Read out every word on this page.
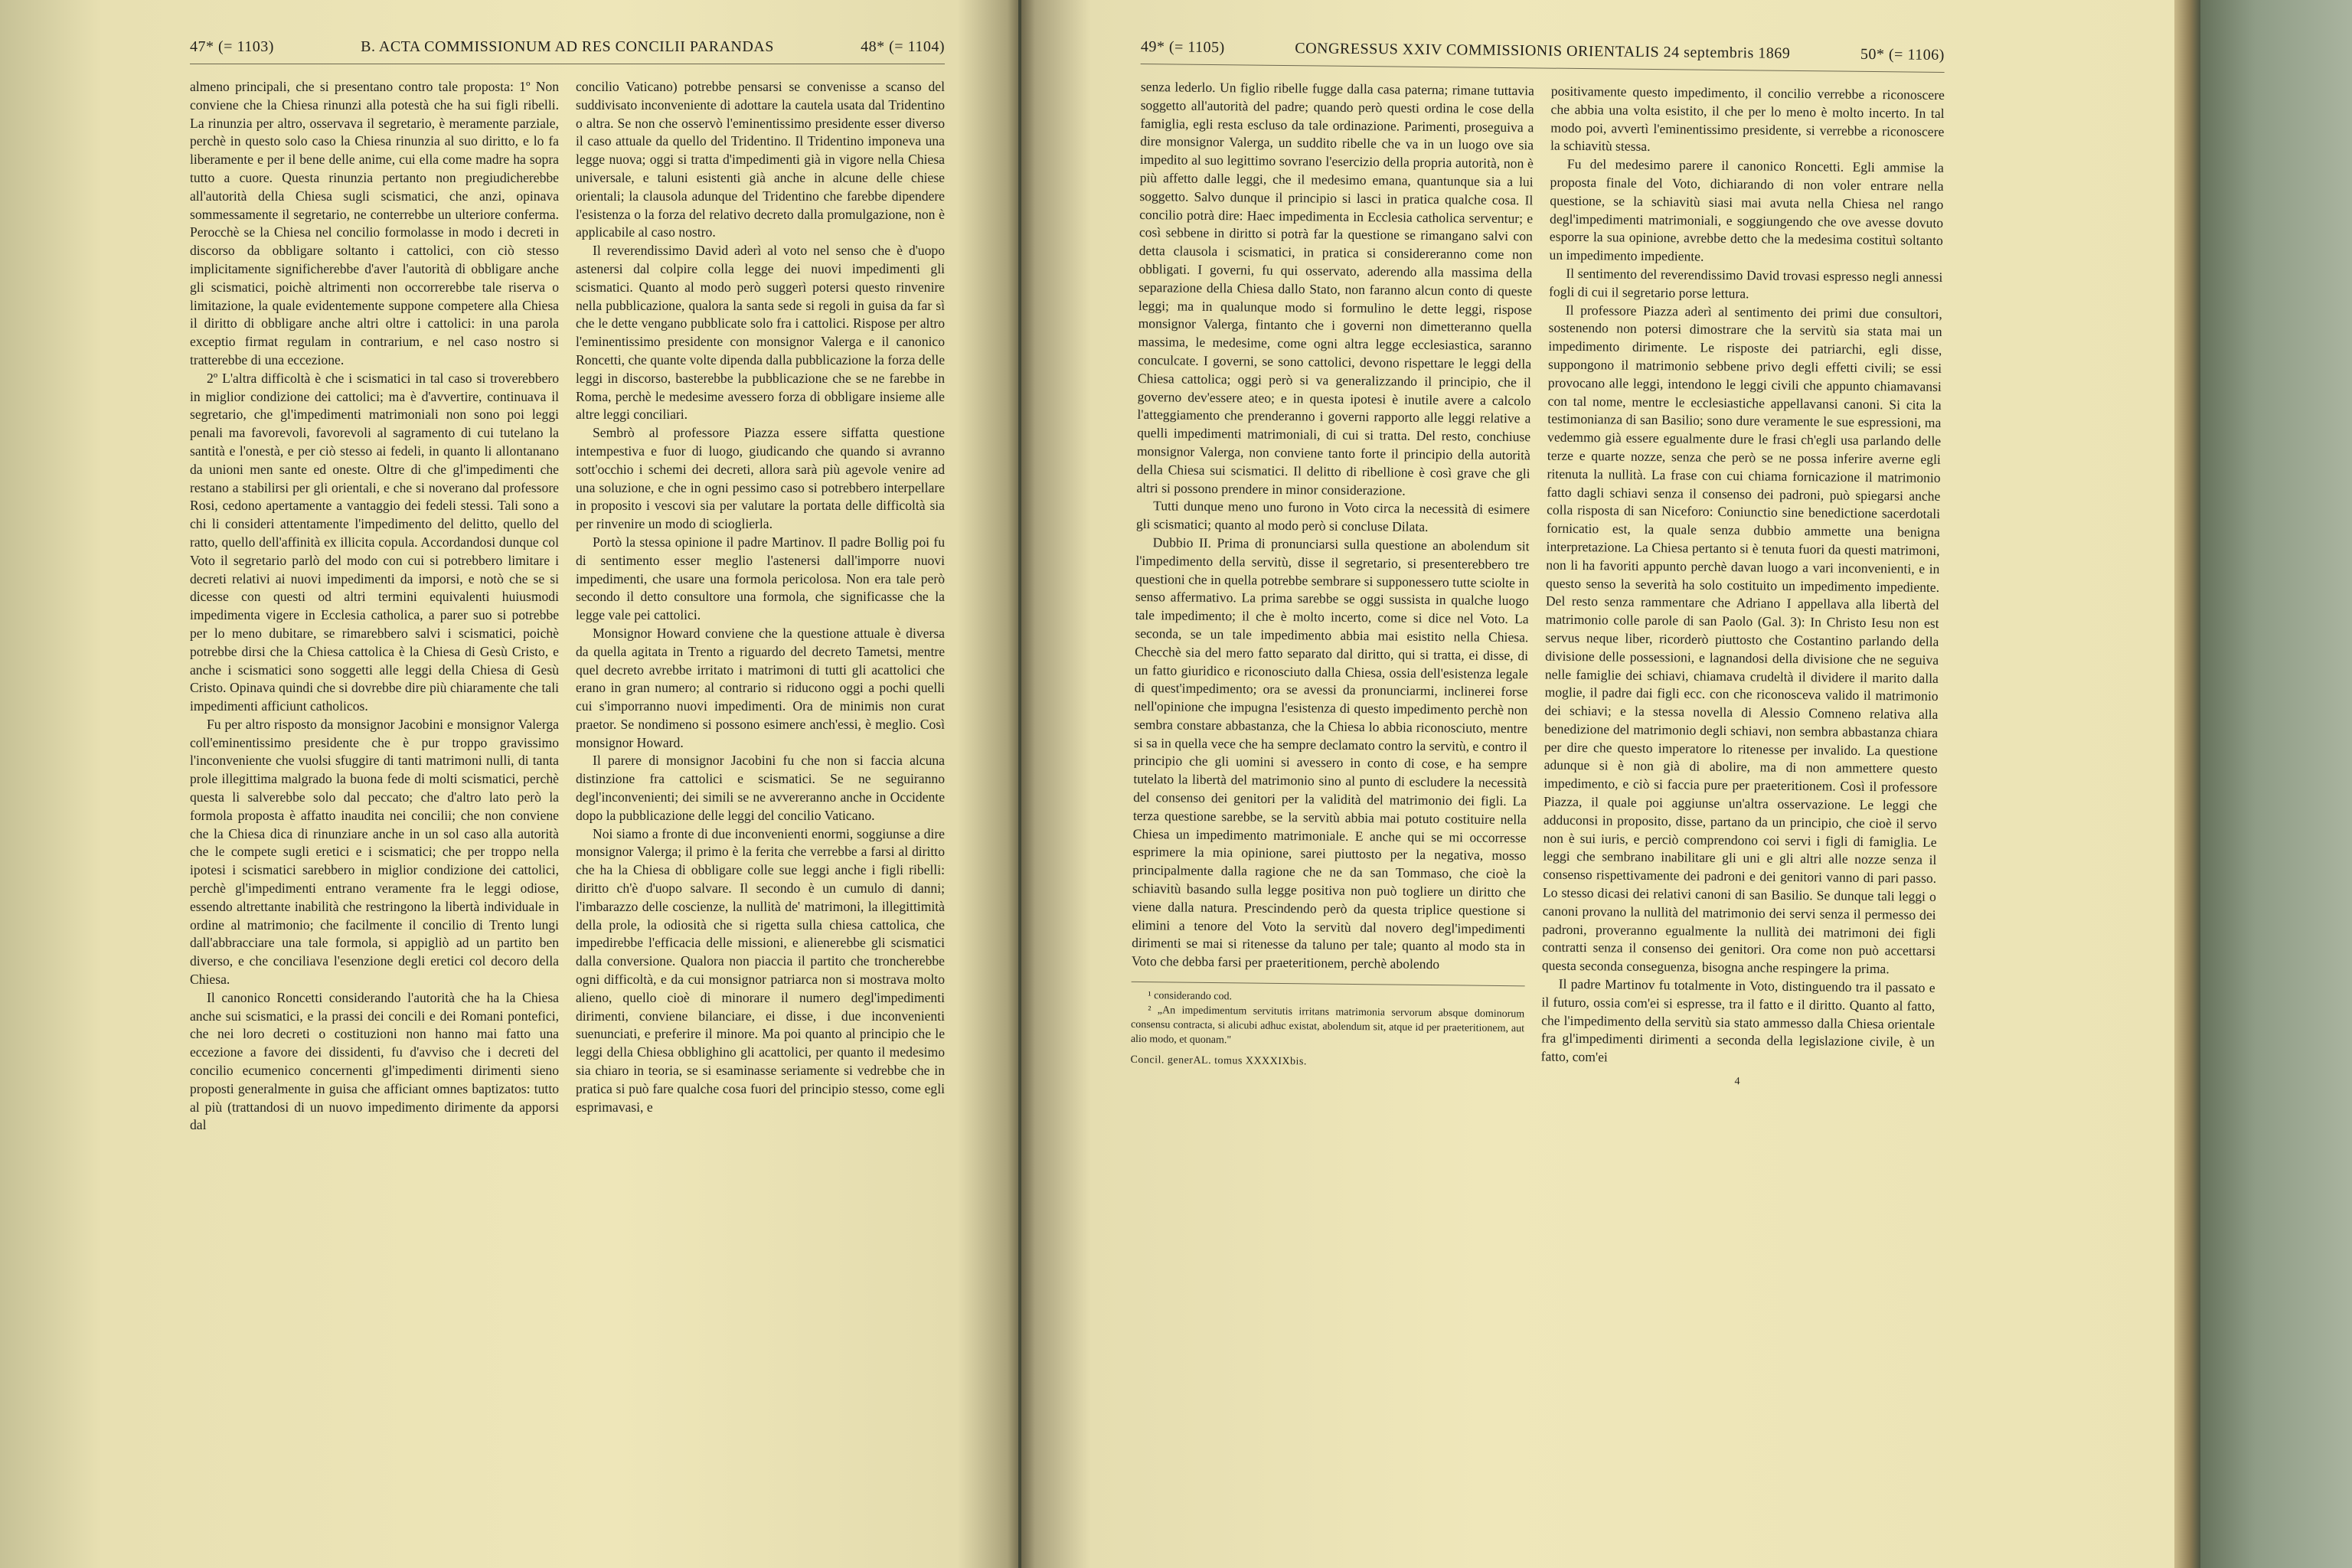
47* (= 1103)	B. ACTA COMMISSIONUM AD RES CONCILII PARANDAS	48* (= 1104)

almeno principali, che si presentano contro tale proposta: 1º Non conviene che la Chiesa rinunzi alla potestà che ha sui figli ribelli. La rinunzia per altro, osservava il segretario, è meramente parziale, perchè in questo solo caso la Chiesa rinunzia al suo diritto, e lo fa liberamente e per il bene delle anime, cui ella come madre ha sopra tutto a cuore. Questa rinunzia pertanto non pregiudicherebbe all'autorità della Chiesa sugli scismatici, che anzi, opinava sommessamente il segretario, ne conterrebbe un ulteriore conferma. Perocchè se la Chiesa nel concilio formolasse in modo i decreti in discorso da obbligare soltanto i cattolici, con ciò stesso implicitamente significherebbe d'aver l'autorità di obbligare anche gli scismatici, poichè altrimenti non occorrerebbe tale riserva o limitazione, la quale evidentemente suppone competere alla Chiesa il diritto di obbligare anche altri oltre i cattolici: in una parola exceptio firmat regulam in contrarium, e nel caso nostro si tratterebbe di una eccezione.

2º L'altra difficoltà è che i scismatici in tal caso si troverebbero in miglior condizione dei cattolici; ma è d'avvertire, continuava il segretario, che gl'impedimenti matrimoniali non sono poi leggi penali ma favorevoli, favorevoli al sagramento di cui tutelano la santità e l'onestà, e per ciò stesso ai fedeli, in quanto li allontanano da unioni men sante ed oneste. Oltre di che gl'impedimenti che restano a stabilirsi per gli orientali, e che si noverano dal professore Rosi, cedono apertamente a vantaggio dei fedeli stessi. Tali sono a chi li consideri attentamente l'impedimento del delitto, quello del ratto, quello dell'affinità ex illicita copula. Accordandosi dunque col Voto il segretario parlò del modo con cui si potrebbero limitare i decreti relativi ai nuovi impedimenti da imporsi, e notò che se si dicesse con questi od altri termini equivalenti huiusmodi impedimenta vigere in Ecclesia catholica, a parer suo si potrebbe per lo meno dubitare, se rimarebbero salvi i scismatici, poichè potrebbe dirsi che la Chiesa cattolica è la Chiesa di Gesù Cristo, e anche i scismatici sono soggetti alle leggi della Chiesa di Gesù Cristo. Opinava quindi che si dovrebbe dire più chiaramente che tali impedimenti afficiunt catholicos.

Fu per altro risposto da monsignor Jacobini e monsignor Valerga coll'eminentissimo presidente che è pur troppo gravissimo l'inconveniente che vuolsi sfuggire di tanti matrimoni nulli, di tanta prole illegittima malgrado la buona fede di molti scismatici, perchè questa li salverebbe solo dal peccato; che d'altro lato però la formola proposta è affatto inaudita nei concilii; che non conviene che la Chiesa dica di rinunziare anche in un sol caso alla autorità che le compete sugli eretici e i scismatici; che per troppo nella ipotesi i scismatici sarebbero in miglior condizione dei cattolici, perchè gl'impedimenti entrano veramente fra le leggi odiose, essendo altrettante inabilità che restringono la libertà individuale in ordine al matrimonio; che facilmente il concilio di Trento lungi dall'abbracciare una tale formola, si appigliò ad un partito ben diverso, e che conciliava l'esenzione degli eretici col decoro della Chiesa.

Il canonico Roncetti considerando l'autorità che ha la Chiesa anche sui scismatici, e la prassi dei concili e dei Romani pontefici, che nei loro decreti o costituzioni non hanno mai fatto una eccezione a favore dei dissidenti, fu d'avviso che i decreti del concilio ecumenico concernenti gl'impedimenti dirimenti sieno proposti generalmente in guisa che afficiant omnes baptizatos: tutto al più (trattandosi di un nuovo impedimento dirimente da apporsi dal

concilio Vaticano) potrebbe pensarsi se convenisse a scanso del suddivisato inconveniente di adottare la cautela usata dal Tridentino o altra. Se non che osservò l'eminentissimo presidente esser diverso il caso attuale da quello del Tridentino. Il Tridentino imponeva una legge nuova; oggi si tratta d'impedimenti già in vigore nella Chiesa universale, e taluni esistenti già anche in alcune delle chiese orientali; la clausola adunque del Tridentino che farebbe dipendere l'esistenza o la forza del relativo decreto dalla promulgazione, non è applicabile al caso nostro.

Il reverendissimo David aderì al voto nel senso che è d'uopo astenersi dal colpire colla legge dei nuovi impedimenti gli scismatici. Quanto al modo però suggerì potersi questo rinvenire nella pubblicazione, qualora la santa sede si regoli in guisa da far sì che le dette vengano pubblicate solo fra i cattolici. Rispose per altro l'eminentissimo presidente con monsignor Valerga e il canonico Roncetti, che quante volte dipenda dalla pubblicazione la forza delle leggi in discorso, basterebbe la pubblicazione che se ne farebbe in Roma, perchè le medesime avessero forza di obbligare insieme alle altre leggi conciliari.

Sembrò al professore Piazza essere siffatta questione intempestiva e fuor di luogo, giudicando che quando si avranno sott'occhio i schemi dei decreti, allora sarà più agevole venire ad una soluzione, e che in ogni pessimo caso si potrebbero interpellare in proposito i vescovi sia per valutare la portata delle difficoltà sia per rinvenire un modo di scioglierla.

Portò la stessa opinione il padre Martinov. Il padre Bollig poi fu di sentimento esser meglio l'astenersi dall'imporre nuovi impedimenti, che usare una formola pericolosa. Non era tale però secondo il detto consultore una formola, che significasse che la legge vale pei cattolici.

Monsignor Howard conviene che la questione attuale è diversa da quella agitata in Trento a riguardo del decreto Tametsi, mentre quel decreto avrebbe irritato i matrimoni di tutti gli acattolici che erano in gran numero; al contrario si riducono oggi a pochi quelli cui s'imporranno nuovi impedimenti. Ora de minimis non curat praetor. Se nondimeno si possono esimere anch'essi, è meglio. Così monsignor Howard.

Il parere di monsignor Jacobini fu che non si faccia alcuna distinzione fra cattolici e scismatici. Se ne seguiranno degl'inconvenienti; dei simili se ne avvereranno anche in Occidente dopo la pubblicazione delle leggi del concilio Vaticano.

Noi siamo a fronte di due inconvenienti enormi, soggiunse a dire monsignor Valerga; il primo è la ferita che verrebbe a farsi al diritto che ha la Chiesa di obbligare colle sue leggi anche i figli ribelli: diritto ch'è d'uopo salvare. Il secondo è un cumulo di danni; l'imbarazzo delle coscienze, la nullità de' matrimoni, la illegittimità della prole, la odiosità che si rigetta sulla chiesa cattolica, che impedirebbe l'efficacia delle missioni, e alienerebbe gli scismatici dalla conversione. Qualora non piaccia il partito che troncherebbe ogni difficoltà, e da cui monsignor patriarca non si mostrava molto alieno, quello cioè di minorare il numero degl'impedimenti dirimenti, conviene bilanciare, ei disse, i due inconvenienti suenunciati, e preferire il minore. Ma poi quanto al principio che le leggi della Chiesa obblighino gli acattolici, per quanto il medesimo sia chiaro in teoria, se si esaminasse seriamente si vedrebbe che in pratica si può fare qualche cosa fuori del principio stesso, come egli esprimavasi, e

49* (= 1105)	CONGRESSUS XXIV COMMISSIONIS ORIENTALIS 24 septembris 1869	50* (= 1106)

senza lederlo. Un figlio ribelle fugge dalla casa paterna; rimane tuttavia soggetto all'autorità del padre; quando però questi ordina le cose della famiglia, egli resta escluso da tale ordinazione. Parimenti, proseguiva a dire monsignor Valerga, un suddito ribelle che va in un luogo ove sia impedito al suo legittimo sovrano l'esercizio della propria autorità, non è più affetto dalle leggi, che il medesimo emana, quantunque sia a lui soggetto. Salvo dunque il principio si lasci in pratica qualche cosa. Il concilio potrà dire: Haec impedimenta in Ecclesia catholica serventur; e così sebbene in diritto si potrà far la questione se rimangano salvi con detta clausola i scismatici, in pratica si considereranno come non obbligati. I governi, fu qui osservato, aderendo alla massima della separazione della Chiesa dallo Stato, non faranno alcun conto di queste leggi; ma in qualunque modo si formulino le dette leggi, rispose monsignor Valerga, fintanto che i governi non dimetteranno quella massima, le medesime, come ogni altra legge ecclesiastica, saranno conculcate. I governi, se sono cattolici, devono rispettare le leggi della Chiesa cattolica; oggi però si va generalizzando il principio, che il governo dev'essere ateo; e in questa ipotesi è inutile avere a calcolo l'atteggiamento che prenderanno i governi rapporto alle leggi relative a quelli impedimenti matrimoniali, di cui si tratta. Del resto, conchiuse monsignor Valerga, non conviene tanto forte il principio della autorità della Chiesa sui scismatici. Il delitto di ribellione è così grave che gli altri si possono prendere in minor considerazione.

Tutti dunque meno uno furono in Voto circa la necessità di esimere gli scismatici; quanto al modo però si concluse Dilata.

Dubbio II. Prima di pronunciarsi sulla questione an abolendum sit l'impedimento della servitù, disse il segretario, si presenterebbero tre questioni che in quella potrebbe sembrare si supponessero tutte sciolte in senso affermativo. La prima sarebbe se oggi sussista in qualche luogo tale impedimento; il che è molto incerto, come si dice nel Voto. La seconda, se un tale impedimento abbia mai esistito nella Chiesa. Checchè sia del mero fatto separato dal diritto, qui si tratta, ei disse, di un fatto giuridico e riconosciuto dalla Chiesa, ossia dell'esistenza legale di quest'impedimento; ora se avessi da pronunciarmi, inclinerei forse nell'opinione che impugna l'esistenza di questo impedimento perchè non sembra constare abbastanza, che la Chiesa lo abbia riconosciuto, mentre si sa in quella vece che ha sempre declamato contro la servitù, e contro il principio che gli uomini si avessero in conto di cose, e ha sempre tutelato la libertà del matrimonio sino al punto di escludere la necessità del consenso dei genitori per la validità del matrimonio dei figli. La terza questione sarebbe, se la servitù abbia mai potuto costituire nella Chiesa un impedimento matrimoniale. E anche qui se mi occorresse esprimere la mia opinione, sarei piuttosto per la negativa, mosso principalmente dalla ragione che ne da san Tommaso, che cioè la schiavitù basando sulla legge positiva non può togliere un diritto che viene dalla natura. Prescindendo però da questa triplice questione si elimini a tenore del Voto la servitù dal novero degl'impedimenti dirimenti se mai si ritenesse da taluno per tale; quanto al modo sta in Voto che debba farsi per praeteritionem, perchè abolendo

¹ considerando cod.

² „An impedimentum servitutis irritans matrimonia servorum absque dominorum consensu contracta, si alicubi adhuc existat, abolendum sit, atque id per praeteritionem, aut alio modo, et quonam."

Concil. generAL. tomus XXXXIXbis.

positivamente questo impedimento, il concilio verrebbe a riconoscere che abbia una volta esistito, il che per lo meno è molto incerto. In tal modo poi, avvertì l'eminentissimo presidente, si verrebbe a riconoscere la schiavitù stessa.

Fu del medesimo parere il canonico Roncetti. Egli ammise la proposta finale del Voto, dichiarando di non voler entrare nella questione, se la schiavitù siasi mai avuta nella Chiesa nel rango degl'impedimenti matrimoniali, e soggiungendo che ove avesse dovuto esporre la sua opinione, avrebbe detto che la medesima costituì soltanto un impedimento impediente.

Il sentimento del reverendissimo David trovasi espresso negli annessi fogli di cui il segretario porse lettura.

Il professore Piazza aderì al sentimento dei primi due consultori, sostenendo non potersi dimostrare che la servitù sia stata mai un impedimento dirimente. Le risposte dei patriarchi, egli disse, suppongono il matrimonio sebbene privo degli effetti civili; se essi provocano alle leggi, intendono le leggi civili che appunto chiamavansi con tal nome, mentre le ecclesiastiche appellavansi canoni. Si cita la testimonianza di san Basilio; sono dure veramente le sue espressioni, ma vedemmo già essere egualmente dure le frasi ch'egli usa parlando delle terze e quarte nozze, senza che però se ne possa inferire averne egli ritenuta la nullità. La frase con cui chiama fornicazione il matrimonio fatto dagli schiavi senza il consenso dei padroni, può spiegarsi anche colla risposta di san Niceforo: Coniunctio sine benedictione sacerdotali fornicatio est, la quale senza dubbio ammette una benigna interpretazione. La Chiesa pertanto si è tenuta fuori da questi matrimoni, non li ha favoriti appunto perchè davan luogo a vari inconvenienti, e in questo senso la severità ha solo costituito un impedimento impediente. Del resto senza rammentare che Adriano I appellava alla libertà del matrimonio colle parole di san Paolo (Gal. 3): In Christo Iesu non est servus neque liber, ricorderò piuttosto che Costantino parlando della divisione delle possessioni, e lagnandosi della divisione che ne seguiva nelle famiglie dei schiavi, chiamava crudeltà il dividere il marito dalla moglie, il padre dai figli ecc. con che riconosceva valido il matrimonio dei schiavi; e la stessa novella di Alessio Comneno relativa alla benedizione del matrimonio degli schiavi, non sembra abbastanza chiara per dire che questo imperatore lo ritenesse per invalido. La questione adunque si è non già di abolire, ma di non ammettere questo impedimento, e ciò si faccia pure per praeteritionem. Così il professore Piazza, il quale poi aggiunse un'altra osservazione. Le leggi che adduconsi in proposito, disse, partano da un principio, che cioè il servo non è sui iuris, e perciò comprendono coi servi i figli di famiglia. Le leggi che sembrano inabilitare gli uni e gli altri alle nozze senza il consenso rispettivamente dei padroni e dei genitori vanno di pari passo. Lo stesso dicasi dei relativi canoni di san Basilio. Se dunque tali leggi o canoni provano la nullità del matrimonio dei servi senza il permesso dei padroni, proveranno egualmente la nullità dei matrimoni dei figli contratti senza il consenso dei genitori. Ora come non può accettarsi questa seconda conseguenza, bisogna anche respingere la prima.

Il padre Martinov fu totalmente in Voto, distinguendo tra il passato e il futuro, ossia com'ei si espresse, tra il fatto e il diritto. Quanto al fatto, che l'impedimento della servitù sia stato ammesso dalla Chiesa orientale fra gl'impedimenti dirimenti a seconda della legislazione civile, è un fatto, com'ei

4
